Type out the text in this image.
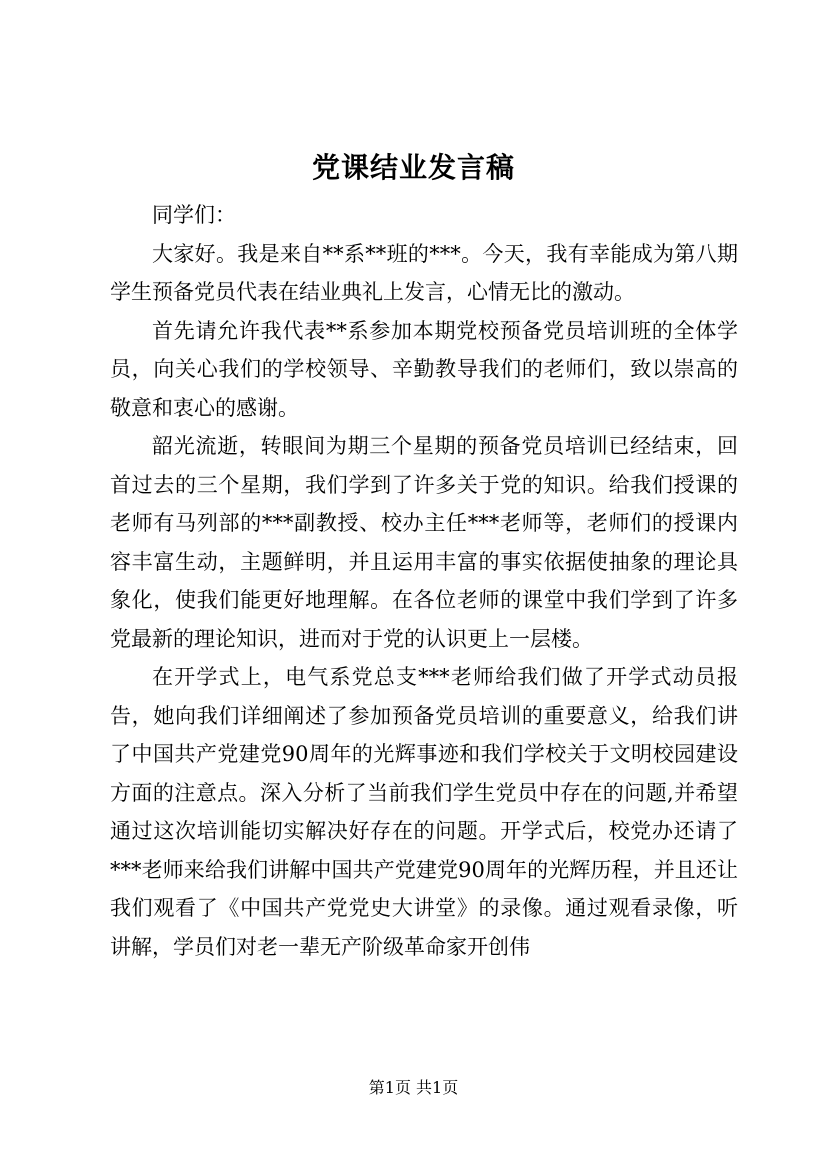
党课结业发言稿

同学们：

大家好。我是来自**系**班的***。今天，我有幸能成为第八期学生预备党员代表在结业典礼上发言，心情无比的激动。

首先请允许我代表**系参加本期党校预备党员培训班的全体学员，向关心我们的学校领导、辛勤教导我们的老师们，致以崇高的敬意和衷心的感谢。

韶光流逝，转眼间为期三个星期的预备党员培训已经结束，回首过去的三个星期，我们学到了许多关于党的知识。给我们授课的老师有马列部的***副教授、校办主任***老师等，老师们的授课内容丰富生动，主题鲜明，并且运用丰富的事实依据使抽象的理论具象化，使我们能更好地理解。在各位老师的课堂中我们学到了许多党最新的理论知识，进而对于党的认识更上一层楼。

在开学式上，电气系党总支***老师给我们做了开学式动员报告，她向我们详细阐述了参加预备党员培训的重要意义，给我们讲了中国共产党建党90周年的光辉事迹和我们学校关于文明校园建设方面的注意点。深入分析了当前我们学生党员中存在的问题,并希望通过这次培训能切实解决好存在的问题。开学式后，校党办还请了***老师来给我们讲解中国共产党建党90周年的光辉历程，并且还让我们观看了《中国共产党党史大讲堂》的录像。通过观看录像，听讲解，学员们对老一辈无产阶级革命家开创伟

第1页 共1页
